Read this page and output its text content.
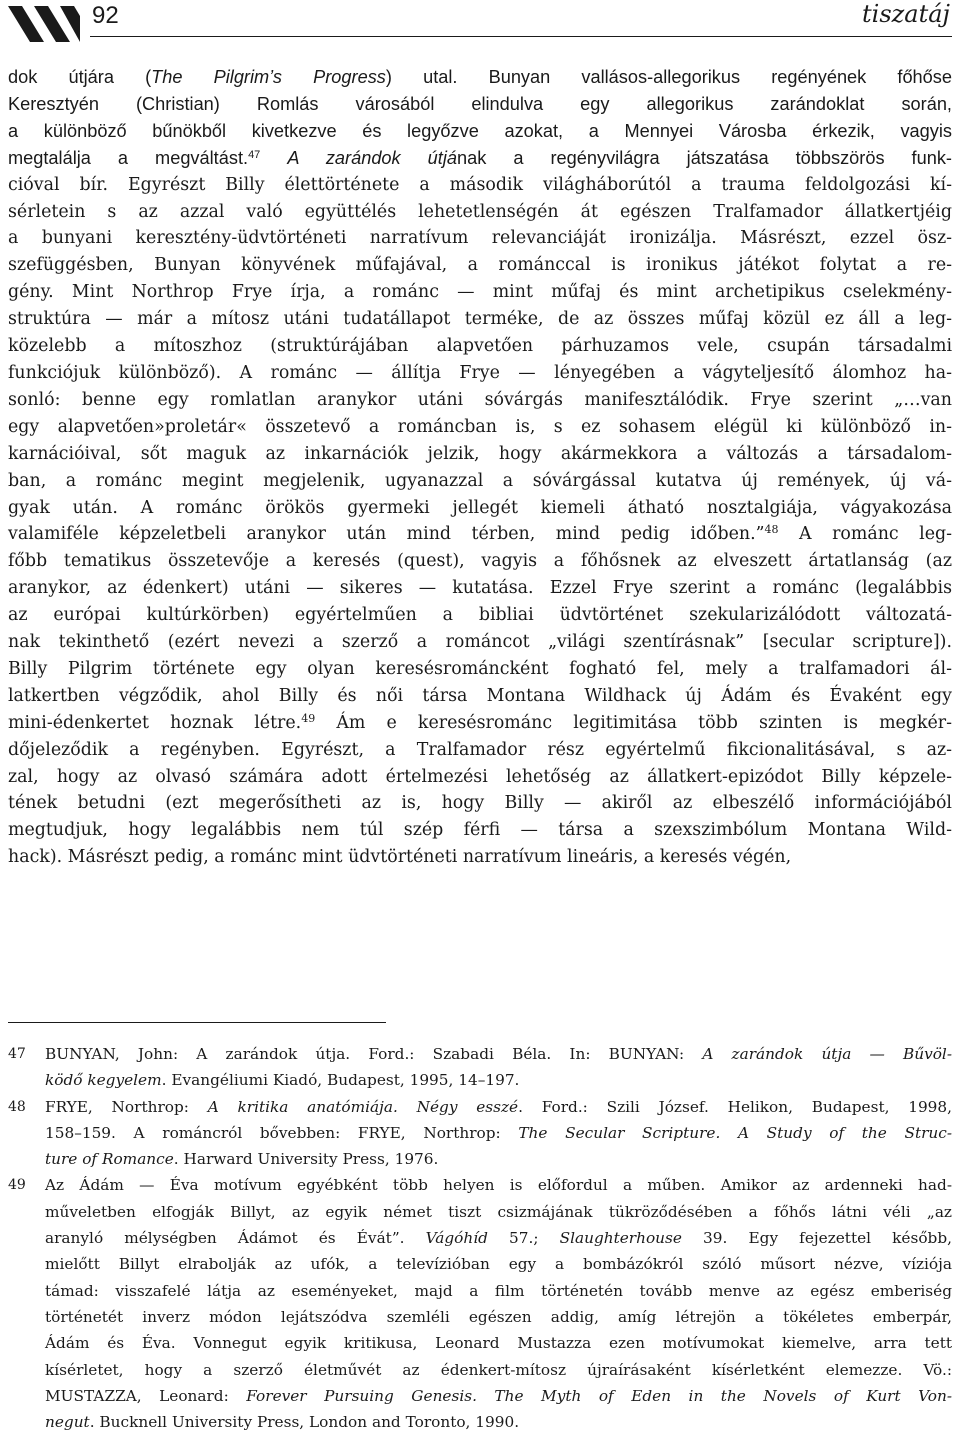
92	tiszatáj
dok útjára (The Pilgrim’s Progress) utal. Bunyan vallásos-allegorikus regényének főhőse
Keresztyén (Christian) Romlás városából elindulva egy allegorikus zarándoklat során,
a különböző bűnökből kivetkezve és legyőzve azokat, a Mennyei Városba érkezik, vagyis
megtalálja a megváltást.$^{47}$ A zarándok útjának a regényvilágra játszatása többszörös funk-
cióval bír. Egyrészt Billy élettörténete a második világháborútól a trauma feldolgozási kí-
sérletein s az azzal való együttélés lehetetlenségén át egészen Tralfamador állatkertjéig
a bunyani keresztény-üdvtörténeti narratívum relevanciáját ironizálja. Másrészt, ezzel ösz-
szefüggésben, Bunyan könyvének műfajával, a románccal is ironikus játékot folytat a re-
gény. Mint Northrop Frye írja, a románc — mint műfaj és mint archetipikus cselekmény-
struktúra — már a mítosz utáni tudatállapot terméke, de az összes műfaj közül ez áll a leg-
közelebb a mítoszhoz (struktúrájában alapvetően párhuzamos vele, csupán társadalmi
funkciójuk különböző). A románc — állítja Frye — lényegében a vágyteljesítő álomhoz ha-
sonló: benne egy romlatlan aranykor utáni sóvárgás manifesztálódik. Frye szerint „…van
egy alapvetően»proletár« összetevő a románcban is, s ez sohasem elégül ki különböző in-
karnációival, sőt maguk az inkarnációk jelzik, hogy akármekkora a változás a társadalom-
ban, a románc megint megjelenik, ugyanazzal a sóvárgással kutatva új remények, új vá-
gyak után. A románc örökös gyermeki jellegét kiemeli átható nosztalgiája, vágyakozása
valamiféle képzeletbeli aranykor után mind térben, mind pedig időben.”$^{48}$ A románc leg-
főbb tematikus összetevője a keresés (quest), vagyis a főhősnek az elveszett ártatlanság (az
aranykor, az édenkert) utáni — sikeres — kutatása. Ezzel Frye szerint a románc (legalábbis
az európai kultúrkörben) egyértelműen a bibliai üdvtörténet szekularizálódott változatá-
nak tekinthető (ezért nevezi a szerző a románcot „világi szentírásnak” [secular scripture]).
Billy Pilgrim története egy olyan keresésrománcként fogható fel, mely a tralfamadori ál-
latkertben végződik, ahol Billy és női társa Montana Wildhack új Ádám és Évaként egy
mini-édenkertet hoznak létre.$^{49}$ Ám e keresésrománc legitimitása több szinten is megkér-
dőjeleződik a regényben. Egyrészt, a Tralfamador rész egyértelmű fikcionalitásával, s az-
zal, hogy az olvasó számára adott értelmezési lehetőség az állatkert-epizódot Billy képzele-
tének betudni (ezt megerősítheti az is, hogy Billy — akiről az elbeszélő információjából
megtudjuk, hogy legalábbis nem túl szép férfi — társa a szexszimbólum Montana Wild-
hack). Másrészt pedig, a románc mint üdvtörténeti narratívum lineáris, a keresés végén,
47	BUNYAN, John: A zarándok útja. Ford.: Szabadi Béla. In: BUNYAN: A zarándok útja — Bűvöl-
ködő kegyelem. Evangéliumi Kiadó, Budapest, 1995, 14–197.
48	FRYE, Northrop: A kritika anatómiája. Négy esszé. Ford.: Szili József. Helikon, Budapest, 1998,
158–159. A románcról bővebben: FRYE, Northrop: The Secular Scripture. A Study of the Struc-
ture of Romance. Harward University Press, 1976.
49	Az Ádám — Éva motívum egyébként több helyen is előfordul a műben. Amikor az ardenneki had-
műveletben elfogják Billyt, az egyik német tiszt csizmájának tükröződésében a főhős látni véli „az
aranyló mélységben Ádámot és Évát”. Vágóhíd 57.; Slaughterhouse 39. Egy fejezettel később,
mielőtt Billyt elrabolják az ufók, a televízióban egy a bombázókról szóló műsort nézve, víziója
támad: visszafelé látja az eseményeket, majd a film történetén tovább menve az egész emberiség
történetét inverz módon lejátszódva szemléli egészen addig, amíg létrejön a tökéletes emberpár,
Ádám és Éva. Vonnegut egyik kritikusa, Leonard Mustazza ezen motívumokat kiemelve, arra tett
kísérletet, hogy a szerző életművét az édenkert-mítosz újraírásaként kísérletként elemezze. Vö.:
MUSTAZZA, Leonard: Forever Pursuing Genesis. The Myth of Eden in the Novels of Kurt Von-
negut. Bucknell University Press, London and Toronto, 1990.
